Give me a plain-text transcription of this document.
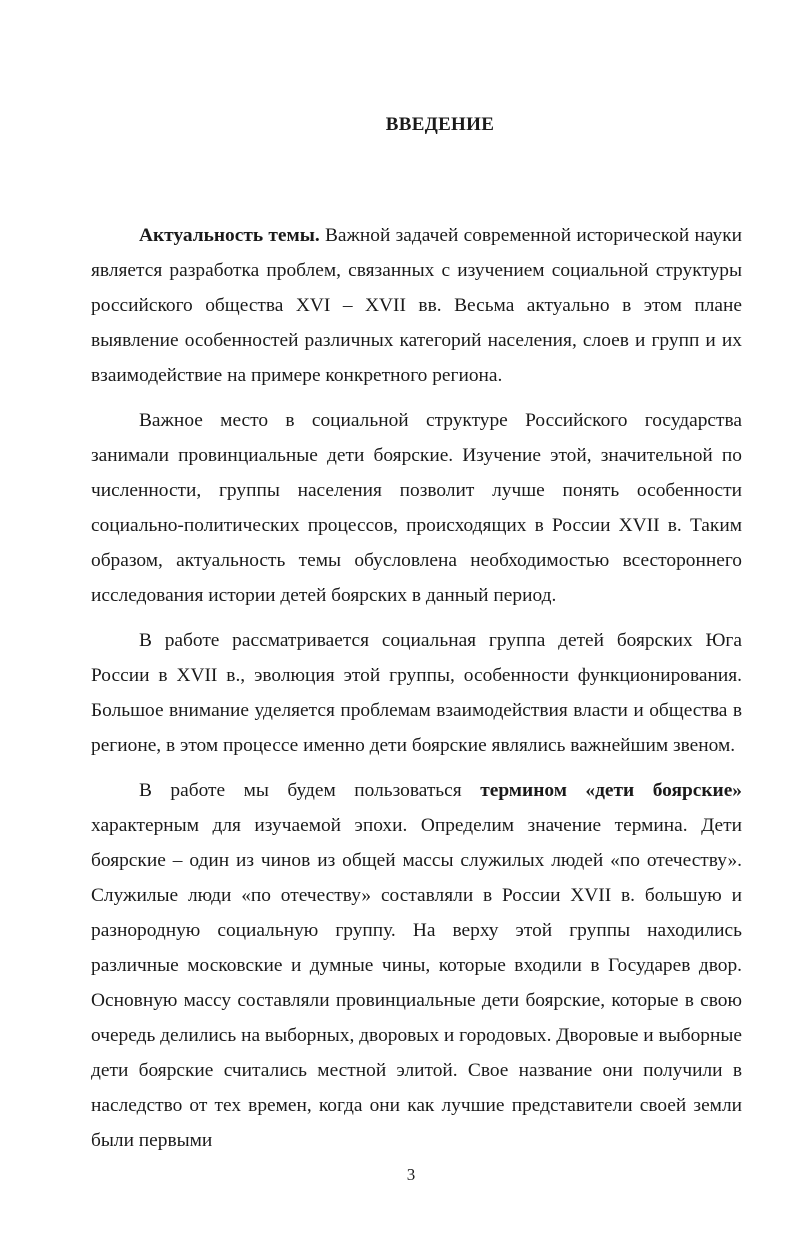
ВВЕДЕНИЕ

Актуальность темы. Важной задачей современной исторической науки является разработка проблем, связанных с изучением социальной структуры российского общества XVI – XVII вв. Весьма актуально в этом плане выявление особенностей различных категорий населения, слоев и групп и их взаимодействие на примере конкретного региона.

Важное место в социальной структуре Российского государства занимали провинциальные дети боярские. Изучение этой, значительной по численности, группы населения позволит лучше понять особенности социально-политических процессов, происходящих в России XVII в. Таким образом, актуальность темы обусловлена необходимостью всестороннего исследования истории детей боярских в данный период.

В работе рассматривается социальная группа детей боярских Юга России в XVII в., эволюция этой группы, особенности функционирования. Большое внимание уделяется проблемам взаимодействия власти и общества в регионе, в этом процессе именно дети боярские являлись важнейшим звеном.

В работе мы будем пользоваться термином «дети боярские» характерным для изучаемой эпохи. Определим значение термина. Дети боярские – один из чинов из общей массы служилых людей «по отечеству». Служилые люди «по отечеству» составляли в России XVII в. большую и разнородную социальную группу. На верху этой группы находились различные московские и думные чины, которые входили в Государев двор. Основную массу составляли провинциальные дети боярские, которые в свою очередь делились на выборных, дворовых и городовых. Дворовые и выборные дети боярские считались местной элитой. Свое название они получили в наследство от тех времен, когда они как лучшие представители своей земли были первыми

3
